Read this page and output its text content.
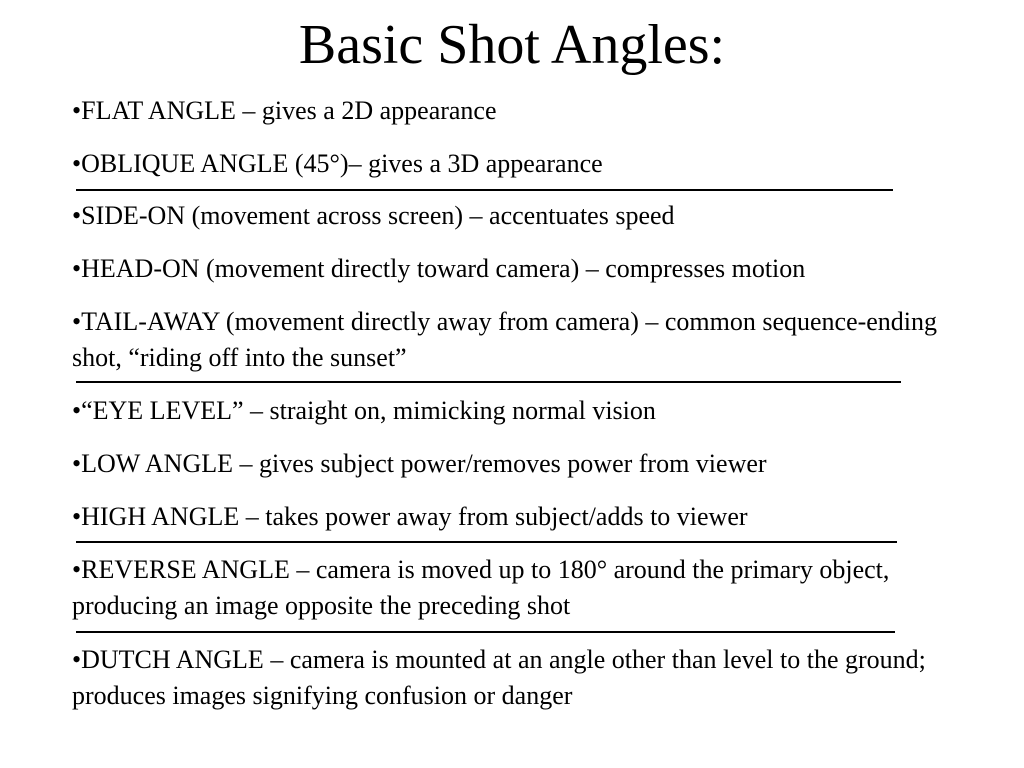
Basic Shot Angles:

•FLAT ANGLE – gives a 2D appearance

•OBLIQUE ANGLE (45°)– gives a 3D appearance

•SIDE-ON (movement across screen) – accentuates speed

•HEAD-ON (movement directly toward camera) – compresses motion

•TAIL-AWAY (movement directly away from camera) – common sequence-ending shot, “riding off into the sunset”

•“EYE LEVEL” – straight on, mimicking normal vision

•LOW ANGLE – gives subject power/removes power from viewer

•HIGH ANGLE – takes power away from subject/adds to viewer

•REVERSE ANGLE – camera is moved up to 180° around the primary object, producing an image opposite the preceding shot

•DUTCH ANGLE – camera is mounted at an angle other than level to the ground; produces images signifying confusion or danger
